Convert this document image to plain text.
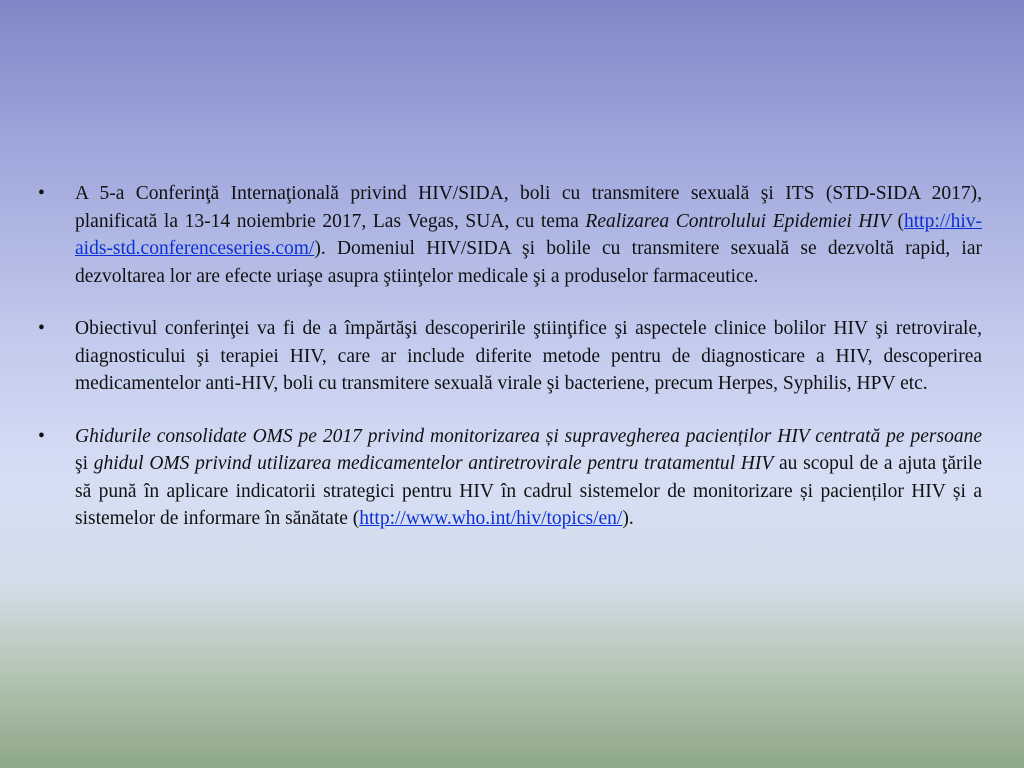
•	A 5-a Conferinţă Internaţională privind HIV/SIDA, boli cu transmitere sexuală şi ITS (STD-SIDA 2017), planificată la 13-14 noiembrie 2017, Las Vegas, SUA, cu tema Realizarea Controlului Epidemiei HIV (http://hiv-aids-std.conferenceseries.com/). Domeniul HIV/SIDA şi bolile cu transmitere sexuală se dezvoltă rapid, iar dezvoltarea lor are efecte uriaşe asupra ştiinţelor medicale şi a produselor farmaceutice.

•	Obiectivul conferinţei va fi de a împărtăşi descoperirile ştiinţifice şi aspectele clinice bolilor HIV şi retrovirale, diagnosticului şi terapiei HIV, care ar include diferite metode pentru de diagnosticare a HIV, descoperirea medicamentelor anti-HIV, boli cu transmitere sexuală virale şi bacteriene, precum Herpes, Syphilis, HPV etc.

•	Ghidurile consolidate OMS pe 2017 privind monitorizarea și supravegherea pacienților HIV centrată pe persoane şi ghidul OMS privind utilizarea medicamentelor antiretrovirale pentru tratamentul HIV au scopul de a ajuta ţările să pună în aplicare indicatorii strategici pentru HIV în cadrul sistemelor de monitorizare și pacienților HIV și a sistemelor de informare în sănătate (http://www.who.int/hiv/topics/en/).
